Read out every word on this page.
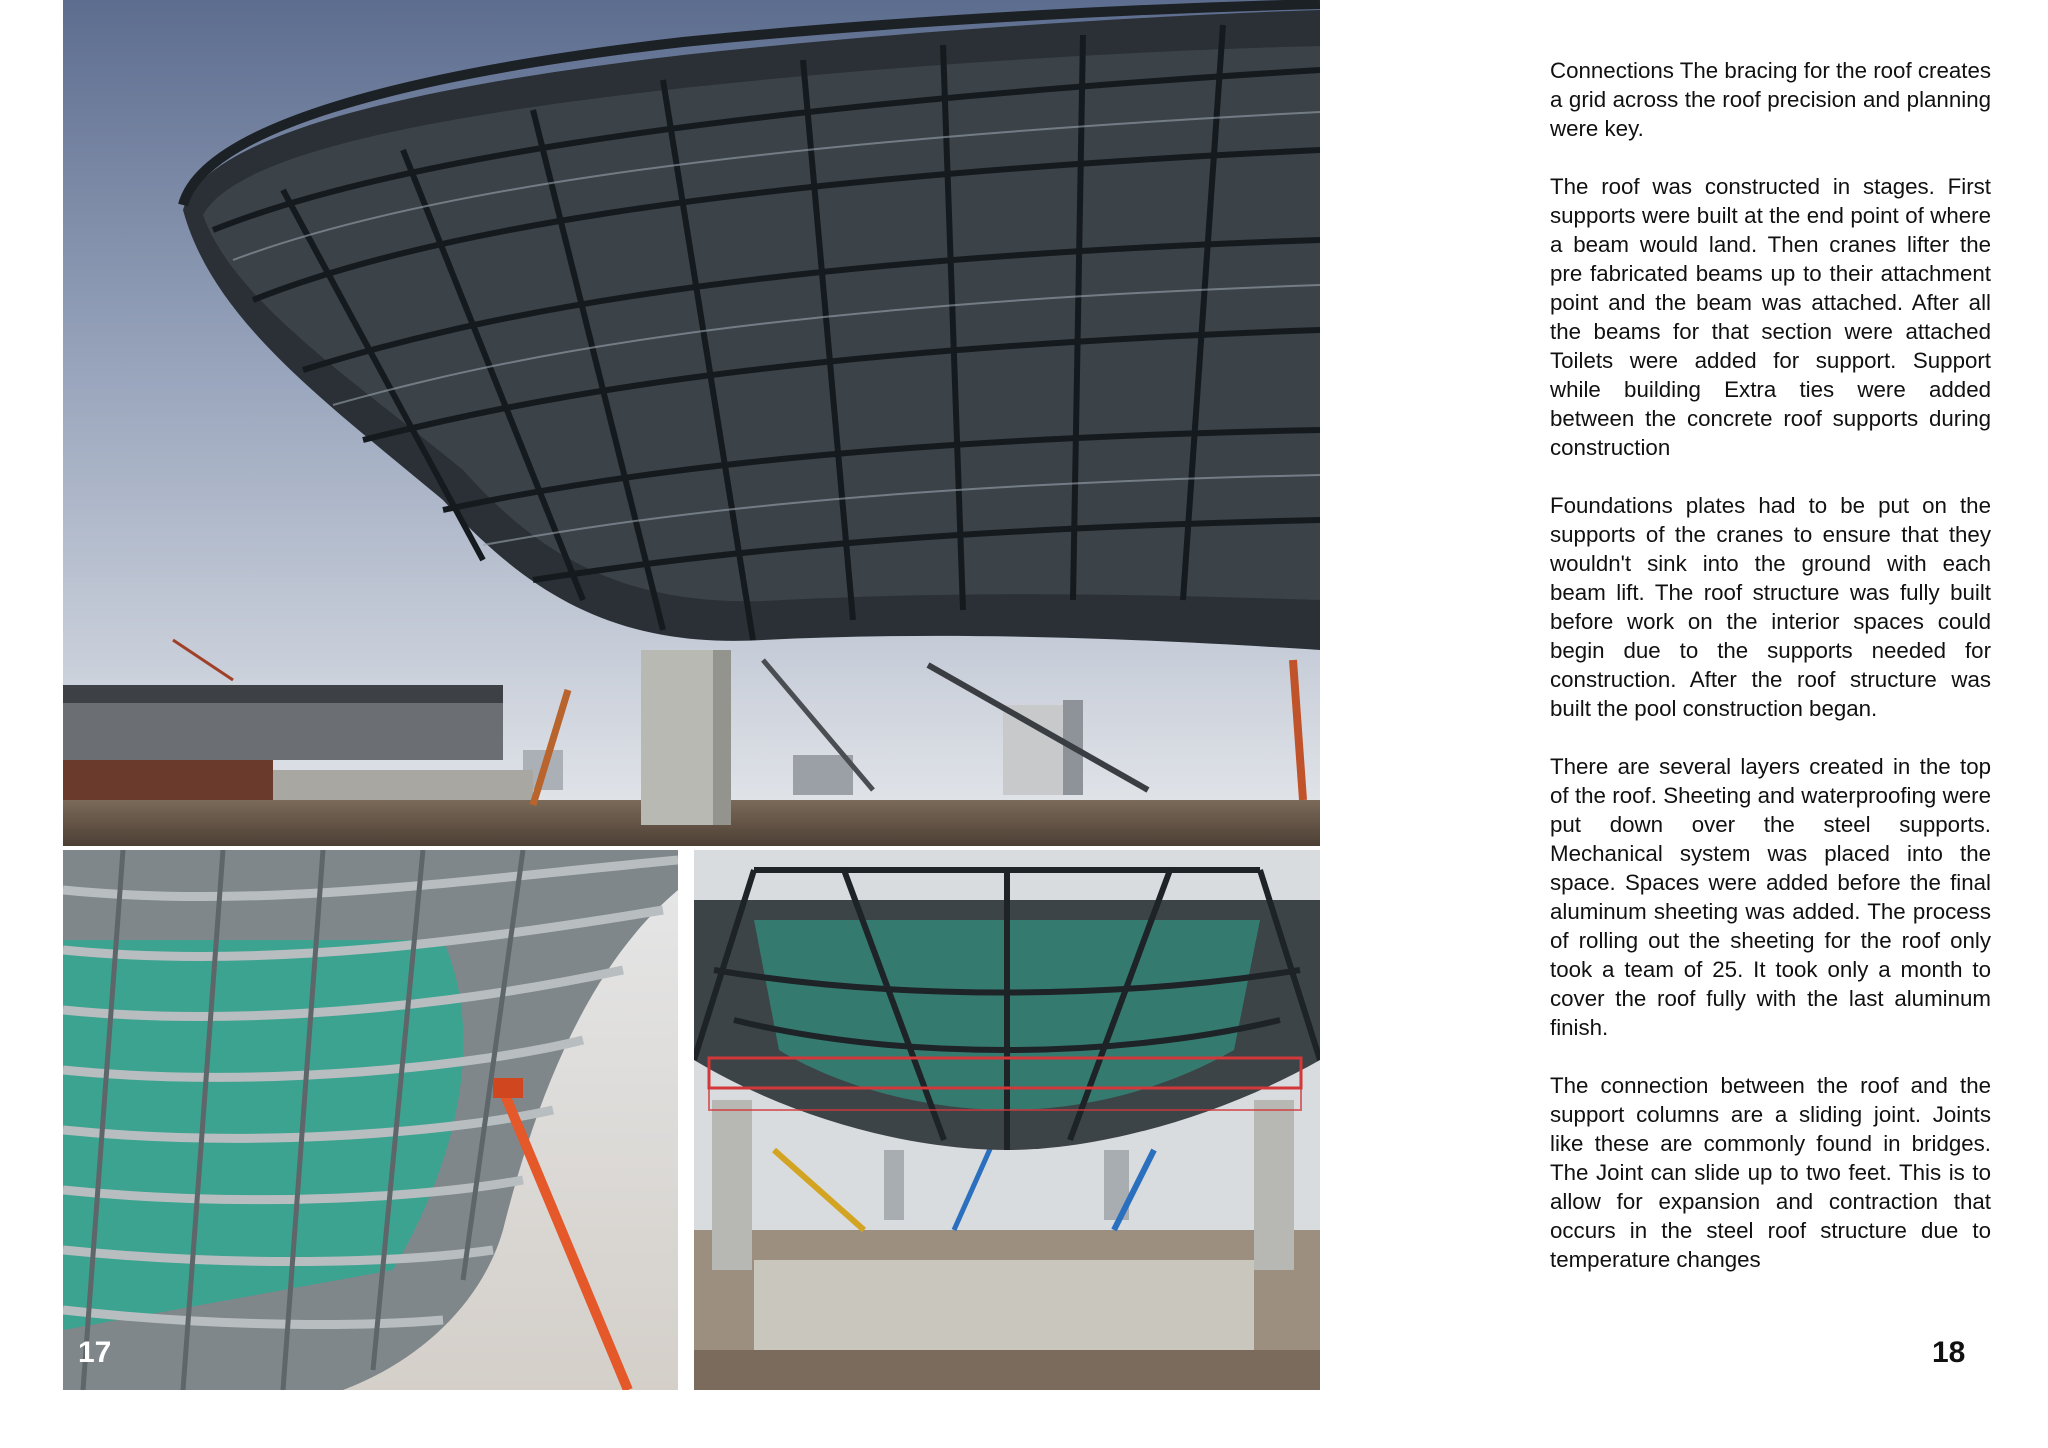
17	18

Connections The bracing for the roof creates a grid across the roof precision and planning were key.

The roof was constructed in stages. First supports were built at the end point of where a beam would land. Then cranes lifter the pre fabricated beams up to their attachment point and the beam was attached. After all the beams for that section were attached Toilets were added for support. Support while building Extra ties were added between the concrete roof supports during construction

Foundations plates had to be put on the supports of the cranes to ensure that they wouldn't sink into the ground with each beam lift. The roof structure was fully built before work on the interior spaces could begin due to the supports needed for construction. After the roof structure was built the pool construction began.

There are several layers created in the top of the roof. Sheeting and waterproofing were put down over the steel supports. Mechanical system was placed into the space. Spaces were added before the final aluminum sheeting was added. The process of rolling out the sheeting for the roof only took a team of 25. It took only a month to cover the roof fully with the last aluminum finish.

The connection between the roof and the support columns are a sliding joint. Joints like these are commonly found in bridges. The Joint can slide up to two feet. This is to allow for expansion and contraction that occurs in the steel roof structure due to temperature changes
